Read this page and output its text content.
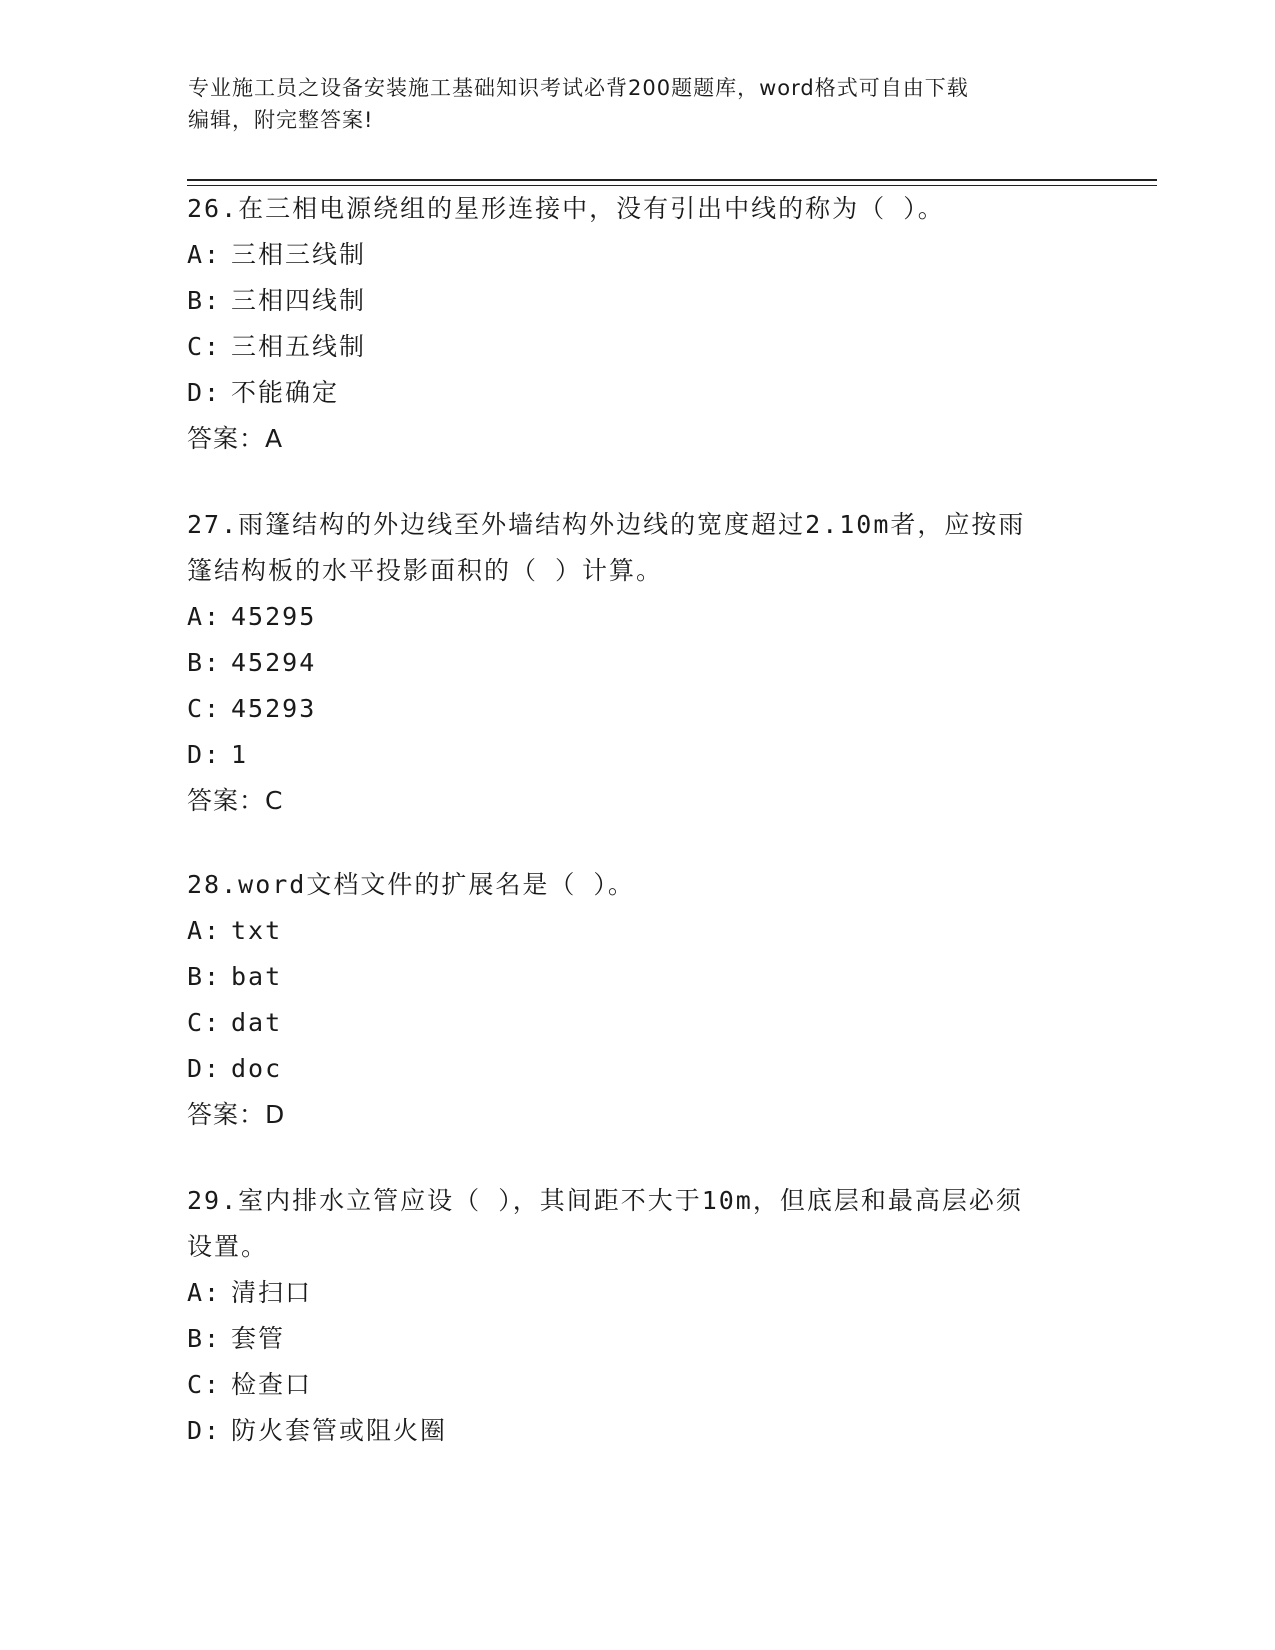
专业施工员之设备安装施工基础知识考试必背200题题库，word格式可自由下载
编辑，附完整答案!
26.在三相电源绕组的星形连接中，没有引出中线的称为（ ）。
A: 三相三线制
B: 三相四线制
C: 三相五线制
D: 不能确定
答案：A
27.雨篷结构的外边线至外墙结构外边线的宽度超过2.10m者，应按雨
篷结构板的水平投影面积的（ ）计算。
A: 45295
B: 45294
C: 45293
D: 1
答案：C
28.word文档文件的扩展名是（ ）。
A: txt
B: bat
C: dat
D: doc
答案：D
29.室内排水立管应设（ ），其间距不大于10m，但底层和最高层必须
设置。
A: 清扫口
B: 套管
C: 检查口
D: 防火套管或阻火圈
